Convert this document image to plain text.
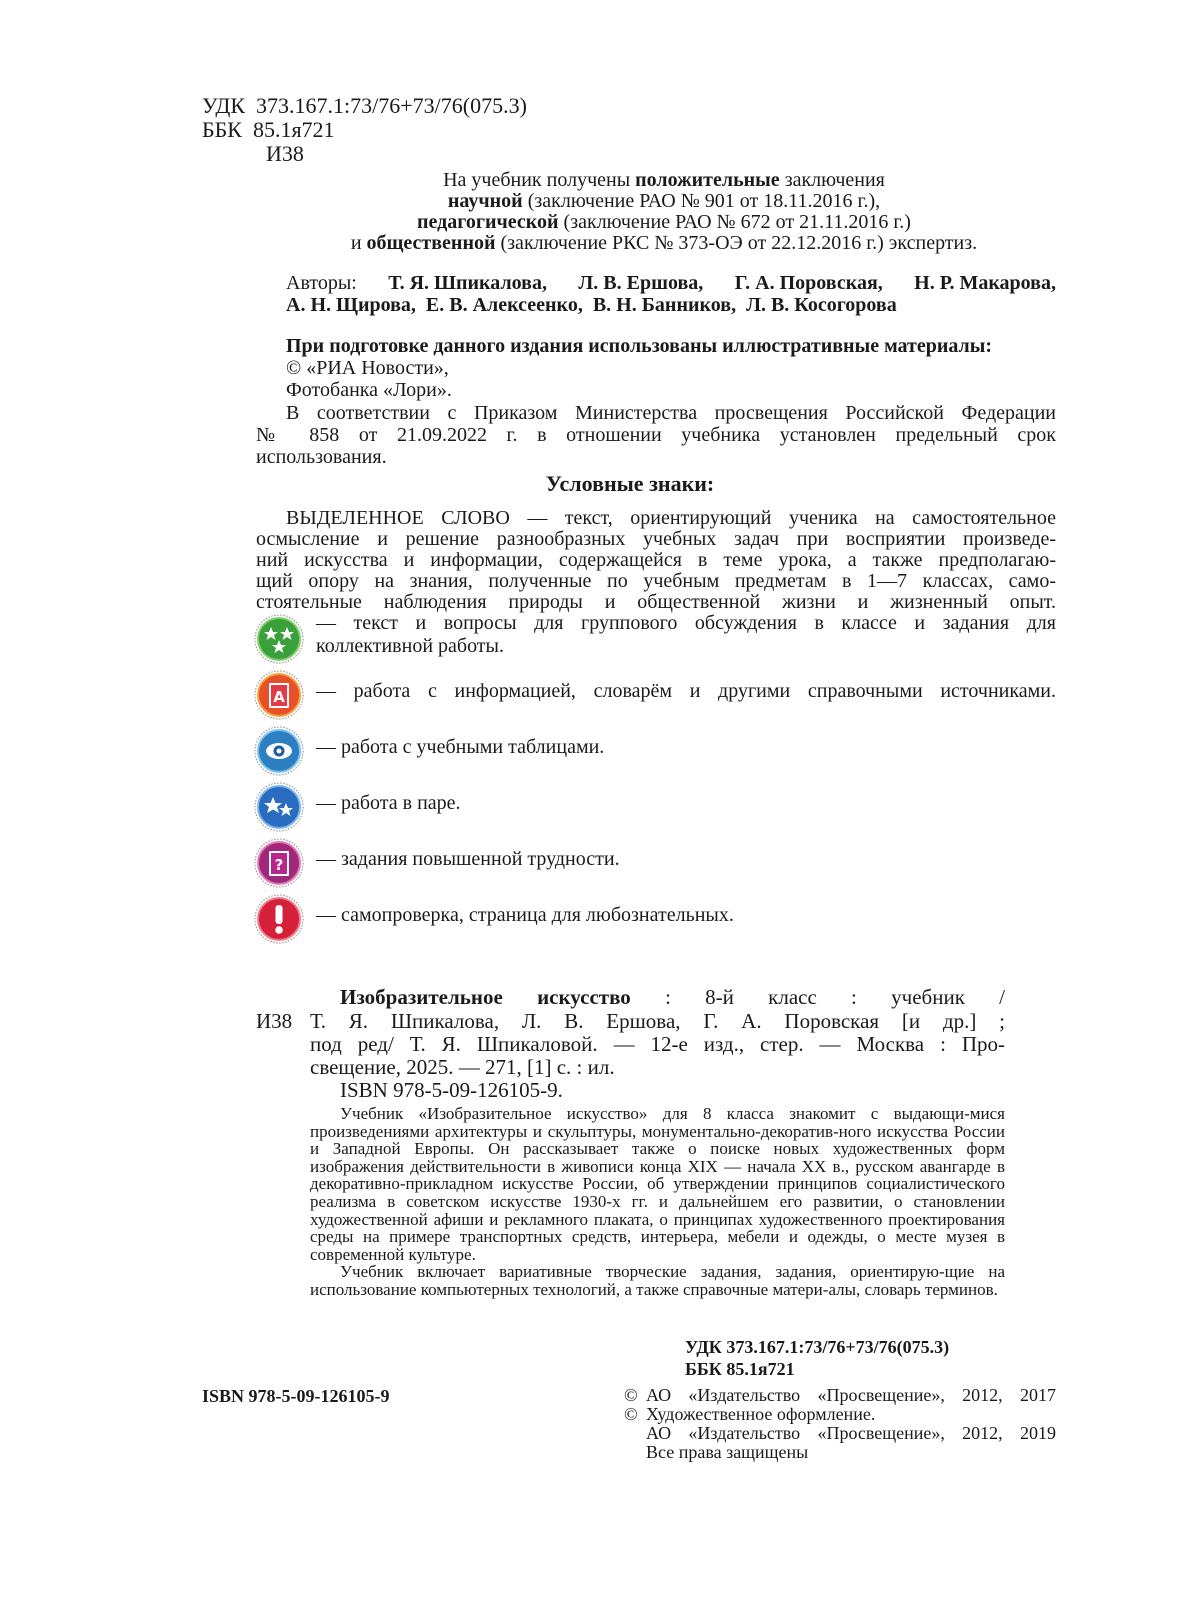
УДК  373.167.1:73/76+73/76(075.3)
ББК  85.1я721
И38
На учебник получены положительные заключения
научной (заключение РАО № 901 от 18.11.2016 г.),
педагогической (заключение РАО № 672 от 21.11.2016 г.)
и общественной (заключение РКС № 373-ОЭ от 22.12.2016 г.) экспертиз.
Авторы: Т. Я. Шпикалова, Л. В. Ершова, Г. А. Поровская, Н. Р. Макарова,
А. Н. Щирова,  Е. В. Алексеенко,  В. Н. Банников,  Л. В. Косогорова
При подготовке данного издания использованы иллюстративные материалы:
© «РИА Новости»,
Фотобанка «Лори».
В соответствии с Приказом Министерства просвещения Российской Федерации
№ 858 от 21.09.2022 г. в отношении учебника установлен предельный срок
использования.
Условные знаки:
ВЫДЕЛЕННОЕ СЛОВО — текст, ориентирующий ученика на самостоятельное
осмысление и решение разнообразных учебных задач при восприятии произведе-
ний искусства и информации, содержащейся в теме урока, а также предполагаю-
щий опору на знания, полученные по учебным предметам в 1—7 классах, само-
стоятельные наблюдения природы и общественной жизни и жизненный опыт.
— текст и вопросы для группового обсуждения в классе и задания для
коллективной работы.
А — работа с информацией, словарём и другими справочными источниками.
— работа с учебными таблицами.
— работа в паре.
? — задания повышенной трудности.
— самопроверка, страница для любознательных.
Изобразительное искусство : 8-й класс : учебник /
И38 Т. Я. Шпикалова, Л. В. Ершова, Г. А. Поровская [и др.] ;
под ред/ Т. Я. Шпикаловой. — 12-е изд., стер. — Москва : Про-
свещение, 2025. — 271, [1] с. : ил.
ISBN 978-5-09-126105-9.

Учебник «Изобразительное искусство» для 8 класса знакомит с выдающи-мися произведениями архитектуры и скульптуры, монументально-декоратив-ного искусства России и Западной Европы. Он рассказывает также о поиске новых художественных форм изображения действительности в живописи конца XIX — начала XX в., русском авангарде в декоративно-прикладном искусстве России, об утверждении принципов социалистического реализма в советском искусстве 1930-х гг. и дальнейшем его развитии, о становлении художественной афиши и рекламного плаката, о принципах художественного проектирования среды на примере транспортных средств, интерьера, мебели и одежды, о месте музея в современной культуре.

Учебник включает вариативные творческие задания, задания, ориентирую-щие на использование компьютерных технологий, а также справочные матери-алы, словарь терминов.

УДК 373.167.1:73/76+73/76(075.3)
ББК 85.1я721
ISBN 978-5-09-126105-9	© АО «Издательство «Просвещение», 2012, 2017
© Художественное оформление.
АО «Издательство «Просвещение», 2012, 2019
Все права защищены
